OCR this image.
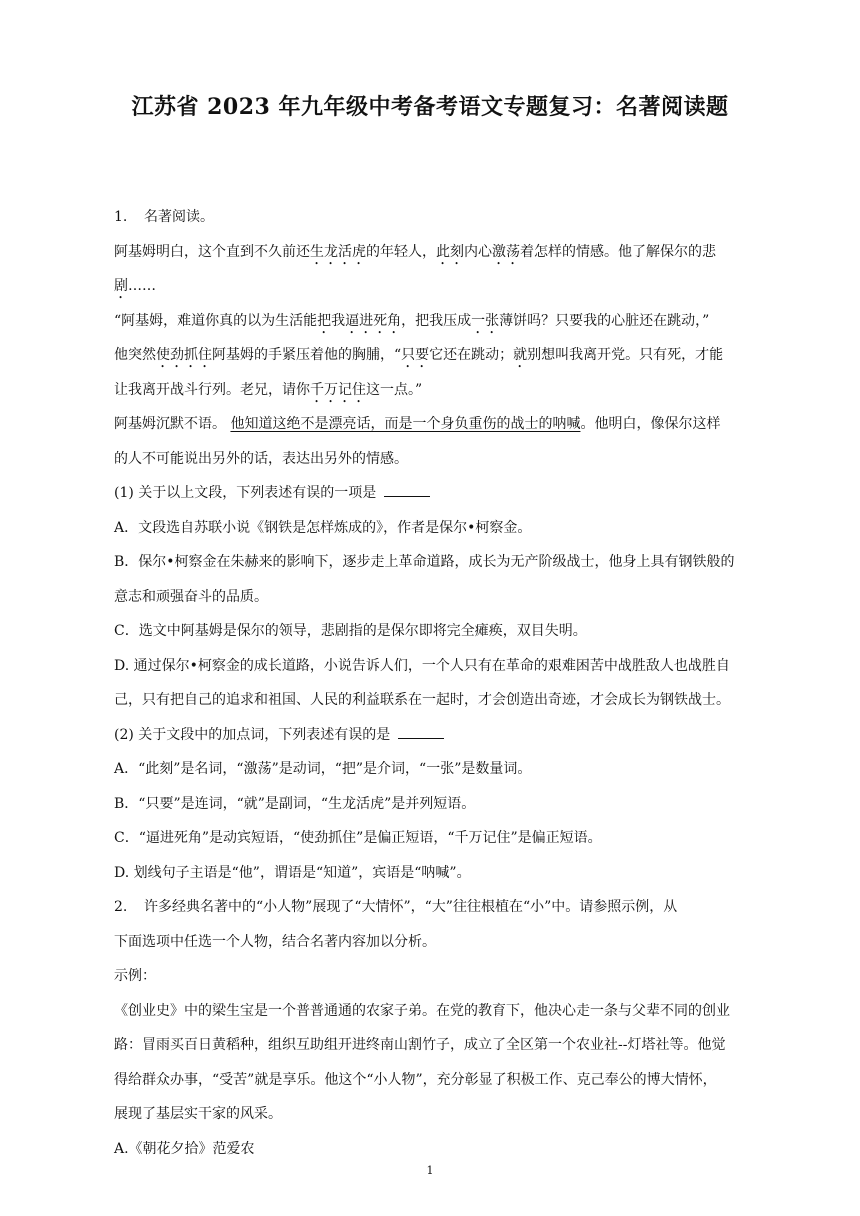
江苏省 2023 年九年级中考备考语文专题复习：名著阅读题

1. 名著阅读。

阿基姆明白，这个直到不久前还生龙活虎的年轻人，此刻内心激荡着怎样的情感。他了解保尔的悲
剧……

“阿基姆，难道你真的以为生活能把我逼进死角，把我压成一张薄饼吗？只要我的心脏还在跳动，”
他突然使劲抓住阿基姆的手紧压着他的胸脯，“只要它还在跳动；就别想叫我离开党。只有死，才能
让我离开战斗行列。老兄，请你千万记住这一点。”

阿基姆沉默不语。 他知道这绝不是漂亮话，而是一个身负重伤的战士的呐喊。他明白，像保尔这样
的人不可能说出另外的话，表达出另外的情感。

(1) 关于以上文段，下列表述有误的一项是

A．文段选自苏联小说《钢铁是怎样炼成的》，作者是保尔•柯察金。

B．保尔•柯察金在朱赫来的影响下，逐步走上革命道路，成长为无产阶级战士，他身上具有钢铁般的

意志和顽强奋斗的品质。

C．选文中阿基姆是保尔的领导，悲剧指的是保尔即将完全瘫痪，双目失明。

D. 通过保尔•柯察金的成长道路，小说告诉人们，一个人只有在革命的艰难困苦中战胜敌人也战胜自

己，只有把自己的追求和祖国、人民的利益联系在一起时，才会创造出奇迹，才会成长为钢铁战士。

(2) 关于文段中的加点词，下列表述有误的是

A．“此刻”是名词，“激荡”是动词，“把”是介词，“一张”是数量词。

B．“只要”是连词，“就”是副词，“生龙活虎”是并列短语。

C．“逼进死角”是动宾短语，“使劲抓住”是偏正短语，“千万记住”是偏正短语。

D. 划线句子主语是“他”，谓语是“知道”，宾语是“呐喊”。

2. 许多经典名著中的“小人物”展现了“大情怀”，“大”往往根植在“小”中。请参照示例，从

下面选项中任选一个人物，结合名著内容加以分析。

示例：

《创业史》中的梁生宝是一个普普通通的农家子弟。在党的教育下，他决心走一条与父辈不同的创业

路：冒雨买百日黄稻种，组织互助组开进终南山割竹子，成立了全区第一个农业社--灯塔社等。他觉

得给群众办事，“受苦”就是享乐。他这个“小人物”，充分彰显了积极工作、克己奉公的博大情怀，

展现了基层实干家的风采。

A.《朝花夕拾》范爱农

1
